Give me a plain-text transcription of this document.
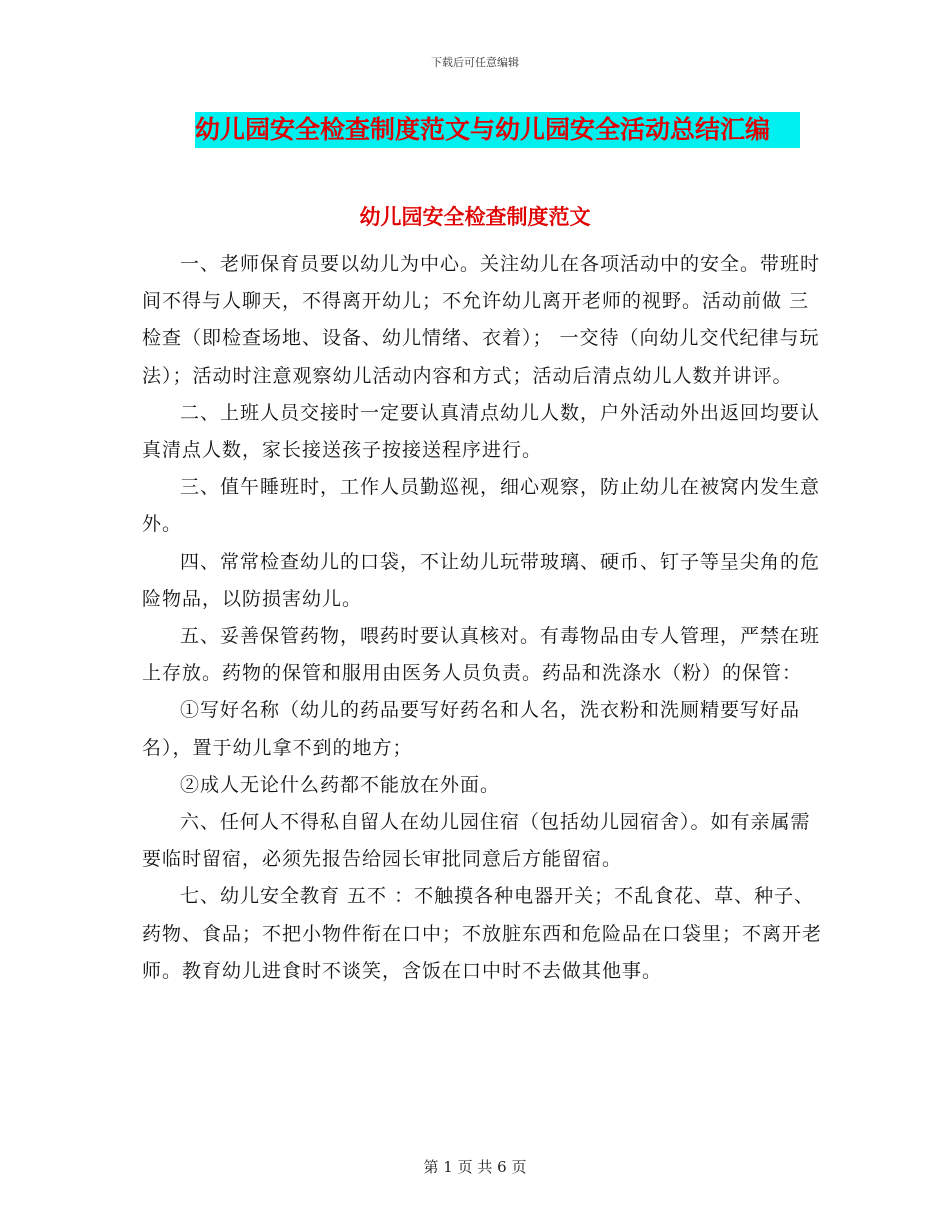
下载后可任意编辑
幼儿园安全检查制度范文与幼儿园安全活动总结汇编
幼儿园安全检查制度范文

一、老师保育员要以幼儿为中心。关注幼儿在各项活动中的安全。带班时间不得与人聊天，不得离开幼儿；不允许幼儿离开老师的视野。活动前做 三检查（即检查场地、设备、幼儿情绪、衣着）； 一交待（向幼儿交代纪律与玩法）；活动时注意观察幼儿活动内容和方式；活动后清点幼儿人数并讲评。

二、上班人员交接时一定要认真清点幼儿人数，户外活动外出返回均要认真清点人数，家长接送孩子按接送程序进行。

三、值午睡班时，工作人员勤巡视，细心观察，防止幼儿在被窝内发生意外。

四、常常检查幼儿的口袋，不让幼儿玩带玻璃、硬币、钉子等呈尖角的危险物品，以防损害幼儿。

五、妥善保管药物，喂药时要认真核对。有毒物品由专人管理，严禁在班上存放。药物的保管和服用由医务人员负责。药品和洗涤水（粉）的保管：

①写好名称（幼儿的药品要写好药名和人名，洗衣粉和洗厕精要写好品名），置于幼儿拿不到的地方；

②成人无论什么药都不能放在外面。

六、任何人不得私自留人在幼儿园住宿（包括幼儿园宿舍）。如有亲属需要临时留宿，必须先报告给园长审批同意后方能留宿。

七、幼儿安全教育 五不 ：不触摸各种电器开关；不乱食花、草、种子、药物、食品；不把小物件衔在口中；不放脏东西和危险品在口袋里；不离开老师。教育幼儿进食时不谈笑，含饭在口中时不去做其他事。

第 1 页 共 6 页
